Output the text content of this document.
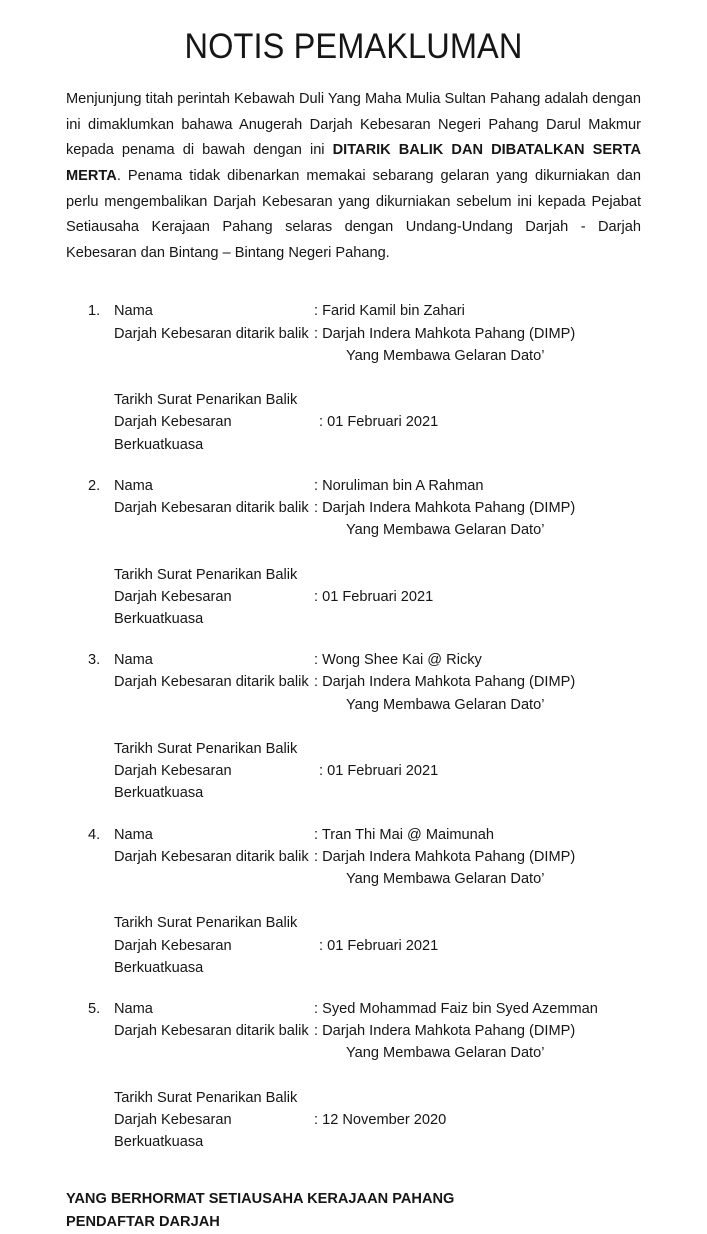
NOTIS PEMAKLUMAN

Menjunjung titah perintah Kebawah Duli Yang Maha Mulia Sultan Pahang adalah dengan ini dimaklumkan bahawa Anugerah Darjah Kebesaran Negeri Pahang Darul Makmur kepada penama di bawah dengan ini DITARIK BALIK DAN DIBATALKAN SERTA MERTA. Penama tidak dibenarkan memakai sebarang gelaran yang dikurniakan dan perlu mengembalikan Darjah Kebesaran yang dikurniakan sebelum ini kepada Pejabat Setiausaha Kerajaan Pahang selaras dengan Undang-Undang Darjah - Darjah Kebesaran dan Bintang – Bintang Negeri Pahang.

1. Nama	: Farid Kamil bin Zahari
Darjah Kebesaran ditarik balik : Darjah Indera Mahkota Pahang (DIMP)
Yang Membawa Gelaran Dato’
Tarikh Surat Penarikan Balik
Darjah Kebesaran Berkuatkuasa
: 01 Februari 2021
2. Nama	: Noruliman bin A Rahman
Darjah Kebesaran ditarik balik : Darjah Indera Mahkota Pahang (DIMP)
Yang Membawa Gelaran Dato’
Tarikh Surat Penarikan Balik
Darjah Kebesaran Berkuatkuasa
: 01 Februari 2021
3. Nama	: Wong Shee Kai @ Ricky
Darjah Kebesaran ditarik balik : Darjah Indera Mahkota Pahang (DIMP)
Yang Membawa Gelaran Dato’
Tarikh Surat Penarikan Balik
Darjah Kebesaran Berkuatkuasa
: 01 Februari 2021
4. Nama	: Tran Thi Mai @ Maimunah
Darjah Kebesaran ditarik balik : Darjah Indera Mahkota Pahang (DIMP)
Yang Membawa Gelaran Dato’
Tarikh Surat Penarikan Balik
Darjah Kebesaran Berkuatkuasa
: 01 Februari 2021
5. Nama	: Syed Mohammad Faiz bin Syed Azemman
Darjah Kebesaran ditarik balik : Darjah Indera Mahkota Pahang (DIMP)
Yang Membawa Gelaran Dato’
Tarikh Surat Penarikan Balik
Darjah Kebesaran Berkuatkuasa
: 12 November 2020
YANG BERHORMAT SETIAUSAHA KERAJAAN PAHANG
PENDAFTAR DARJAH
